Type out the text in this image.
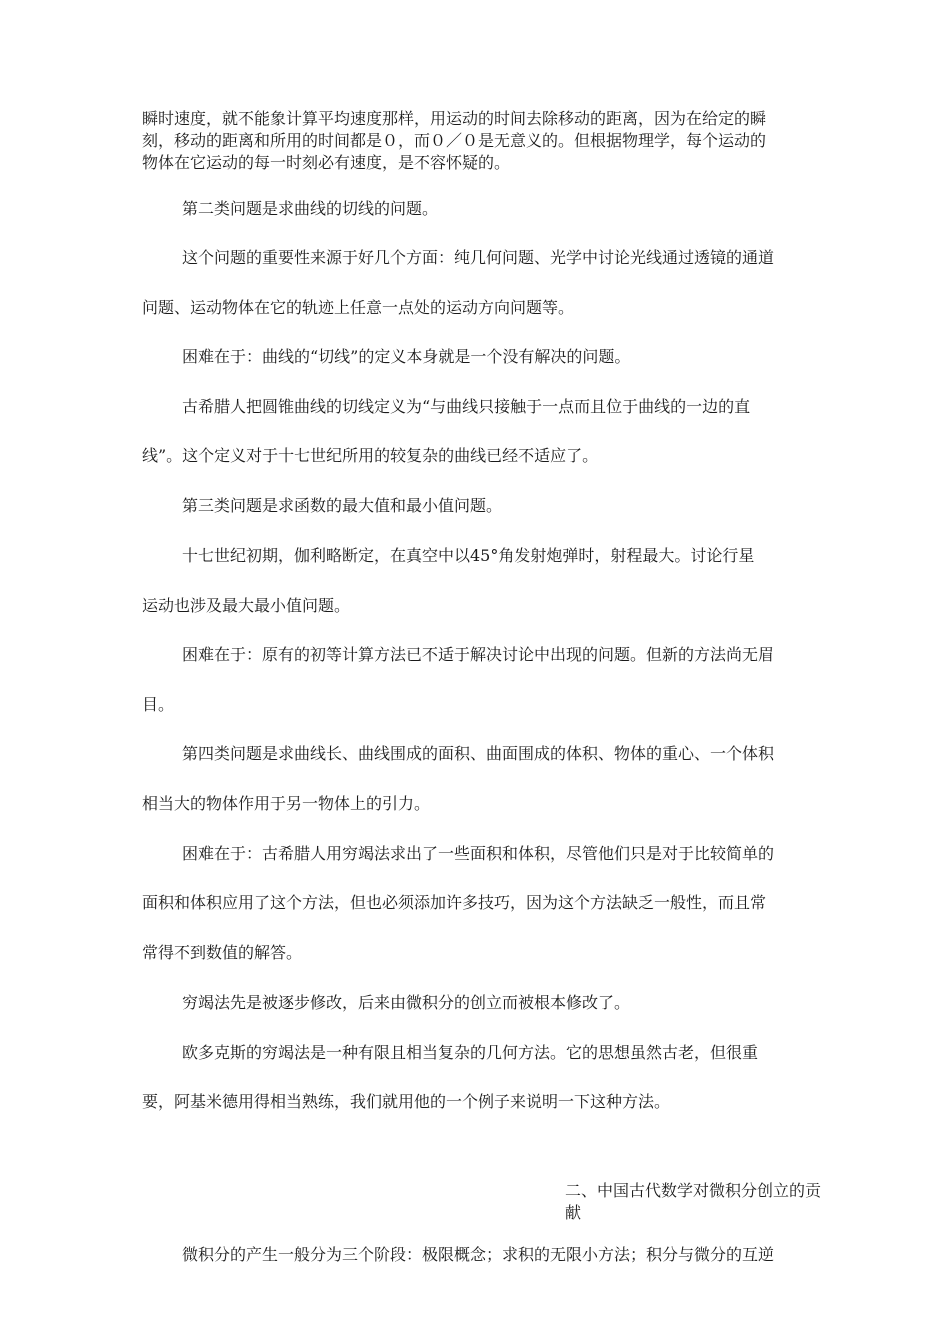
瞬时速度，就不能象计算平均速度那样，用运动的时间去除移动的距离，因为在给定的瞬

刻，移动的距离和所用的时间都是０，而０／０是无意义的。但根据物理学，每个运动的

物体在它运动的每一时刻必有速度，是不容怀疑的。

第二类问题是求曲线的切线的问题。

这个问题的重要性来源于好几个方面：纯几何问题、光学中讨论光线通过透镜的通道

问题、运动物体在它的轨迹上任意一点处的运动方向问题等。

困难在于：曲线的“切线”的定义本身就是一个没有解决的问题。

古希腊人把圆锥曲线的切线定义为“与曲线只接触于一点而且位于曲线的一边的直

线”。这个定义对于十七世纪所用的较复杂的曲线已经不适应了。

第三类问题是求函数的最大值和最小值问题。

十七世纪初期，伽利略断定，在真空中以45°角发射炮弹时，射程最大。讨论行星

运动也涉及最大最小值问题。

困难在于：原有的初等计算方法已不适于解决讨论中出现的问题。但新的方法尚无眉

目。

第四类问题是求曲线长、曲线围成的面积、曲面围成的体积、物体的重心、一个体积

相当大的物体作用于另一物体上的引力。

困难在于：古希腊人用穷竭法求出了一些面积和体积，尽管他们只是对于比较简单的

面积和体积应用了这个方法，但也必须添加许多技巧，因为这个方法缺乏一般性，而且常

常得不到数值的解答。

穷竭法先是被逐步修改，后来由微积分的创立而被根本修改了。

欧多克斯的穷竭法是一种有限且相当复杂的几何方法。它的思想虽然古老，但很重

要，阿基米德用得相当熟练，我们就用他的一个例子来说明一下这种方法。

二、中国古代数学对微积分创立的贡献

微积分的产生一般分为三个阶段：极限概念；求积的无限小方法；积分与微分的互逆
